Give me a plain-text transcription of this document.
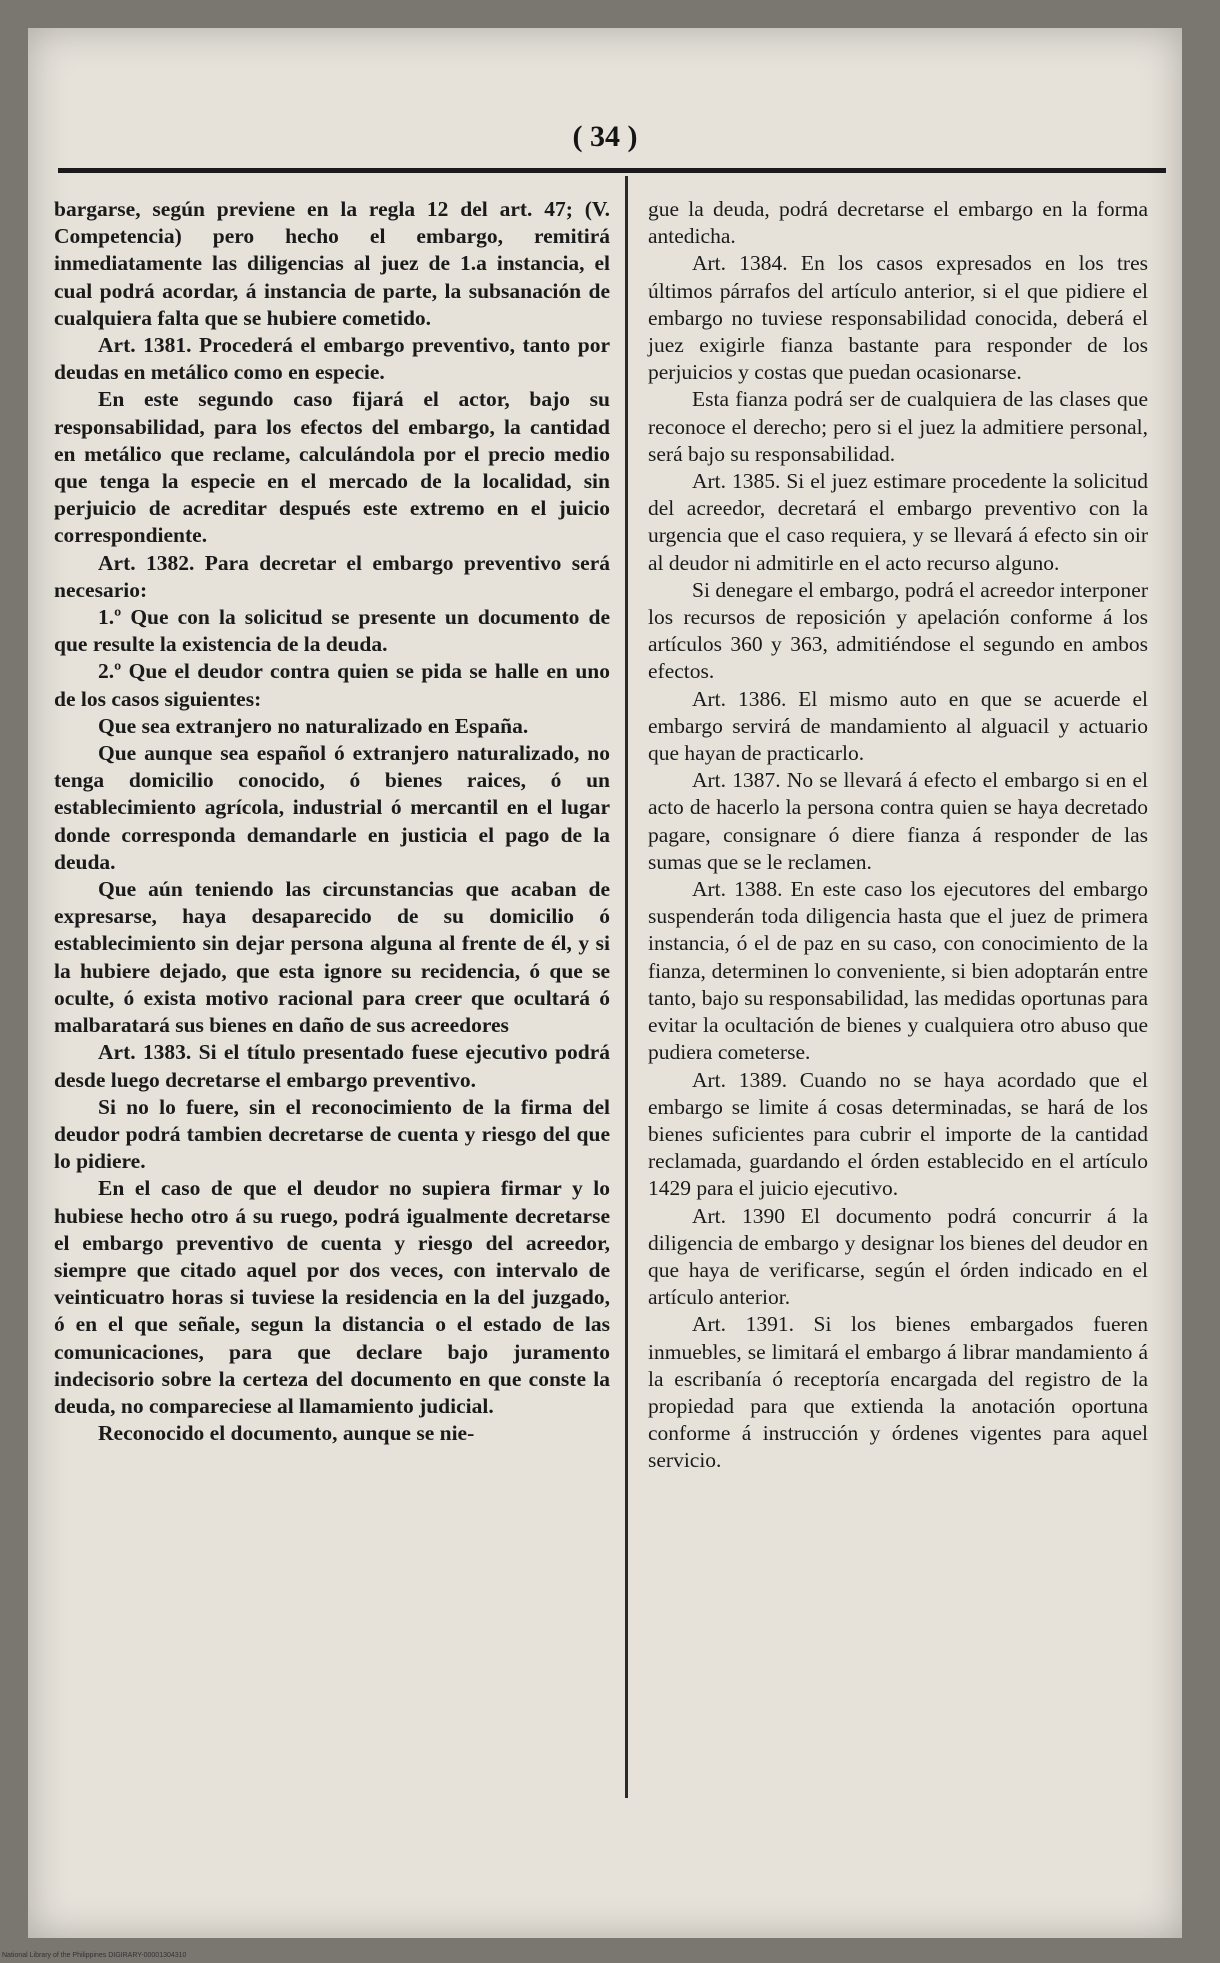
( 34 )

bargarse, según previene en la regla 12 del art. 47; (V. Competencia) pero hecho el embargo, remitirá inmediatamente las diligencias al juez de 1.a instancia, el cual podrá acordar, á instancia de parte, la subsanación de cualquiera falta que se hubiere cometido.

Art. 1381. Procederá el embargo preventivo, tanto por deudas en metálico como en especie.

En este segundo caso fijará el actor, bajo su responsabilidad, para los efectos del embargo, la cantidad en metálico que reclame, calculándola por el precio medio que tenga la especie en el mercado de la localidad, sin perjuicio de acreditar después este extremo en el juicio correspondiente.

Art. 1382. Para decretar el embargo preventivo será necesario:

1.º Que con la solicitud se presente un documento de que resulte la existencia de la deuda.

2.º Que el deudor contra quien se pida se halle en uno de los casos siguientes:

Que sea extranjero no naturalizado en España.

Que aunque sea español ó extranjero naturalizado, no tenga domicilio conocido, ó bienes raices, ó un establecimiento agrícola, industrial ó mercantil en el lugar donde corresponda demandarle en justicia el pago de la deuda.

Que aún teniendo las circunstancias que acaban de expresarse, haya desaparecido de su domicilio ó establecimiento sin dejar persona alguna al frente de él, y si la hubiere dejado, que esta ignore su recidencia, ó que se oculte, ó exista motivo racional para creer que ocultará ó malbaratará sus bienes en daño de sus acreedores

Art. 1383. Si el título presentado fuese ejecutivo podrá desde luego decretarse el embargo preventivo.

Si no lo fuere, sin el reconocimiento de la firma del deudor podrá tambien decretarse de cuenta y riesgo del que lo pidiere.

En el caso de que el deudor no supiera firmar y lo hubiese hecho otro á su ruego, podrá igualmente decretarse el embargo preventivo de cuenta y riesgo del acreedor, siempre que citado aquel por dos veces, con intervalo de veinticuatro horas si tuviese la residencia en la del juzgado, ó en el que señale, segun la distancia o el estado de las comunicaciones, para que declare bajo juramento indecisorio sobre la certeza del documento en que conste la deuda, no compareciese al llamamiento judicial.

Reconocido el documento, aunque se nie-

gue la deuda, podrá decretarse el embargo en la forma antedicha.

Art. 1384. En los casos expresados en los tres últimos párrafos del artículo anterior, si el que pidiere el embargo no tuviese responsabilidad conocida, deberá el juez exigirle fianza bastante para responder de los perjuicios y costas que puedan ocasionarse.

Esta fianza podrá ser de cualquiera de las clases que reconoce el derecho; pero si el juez la admitiere personal, será bajo su responsabilidad.

Art. 1385. Si el juez estimare procedente la solicitud del acreedor, decretará el embargo preventivo con la urgencia que el caso requiera, y se llevará á efecto sin oir al deudor ni admitirle en el acto recurso alguno.

Si denegare el embargo, podrá el acreedor interponer los recursos de reposición y apelación conforme á los artículos 360 y 363, admitiéndose el segundo en ambos efectos.

Art. 1386. El mismo auto en que se acuerde el embargo servirá de mandamiento al alguacil y actuario que hayan de practicarlo.

Art. 1387. No se llevará á efecto el embargo si en el acto de hacerlo la persona contra quien se haya decretado pagare, consignare ó diere fianza á responder de las sumas que se le reclamen.

Art. 1388. En este caso los ejecutores del embargo suspenderán toda diligencia hasta que el juez de primera instancia, ó el de paz en su caso, con conocimiento de la fianza, determinen lo conveniente, si bien adoptarán entre tanto, bajo su responsabilidad, las medidas oportunas para evitar la ocultación de bienes y cualquiera otro abuso que pudiera cometerse.

Art. 1389. Cuando no se haya acordado que el embargo se limite á cosas determinadas, se hará de los bienes suficientes para cubrir el importe de la cantidad reclamada, guardando el órden establecido en el artículo 1429 para el juicio ejecutivo.

Art. 1390 El documento podrá concurrir á la diligencia de embargo y designar los bienes del deudor en que haya de verificarse, según el órden indicado en el artículo anterior.

Art. 1391. Si los bienes embargados fueren inmuebles, se limitará el embargo á librar mandamiento á la escribanía ó receptoría encargada del registro de la propiedad para que extienda la anotación oportuna conforme á instrucción y órdenes vigentes para aquel servicio.

National Library of the Philippines DIGIRARY-00001304310
